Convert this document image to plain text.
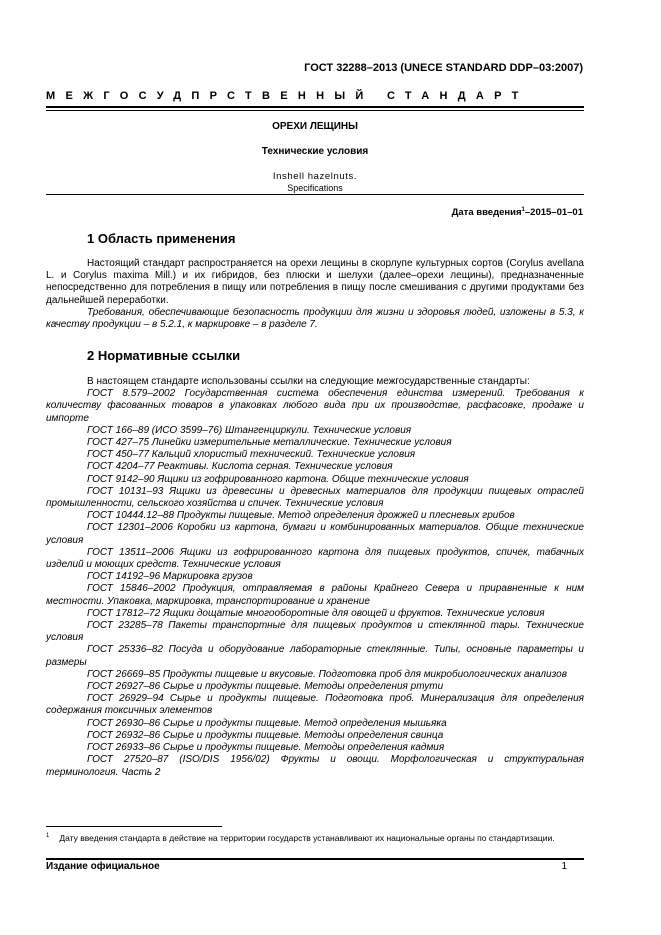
ГОСТ 32288–2013 (UNECE STANDARD DDP–03:2007)
МЕЖГОСУДПРСТВЕННЫЙ СТАНДАРТ
ОРЕХИ ЛЕЩИНЫ
Технические условия
Inshell hazelnuts.
Specifications
Дата введения$^1$–2015–01–01
1 Область применения

Настоящий стандарт распространяется на орехи лещины в скорлупе культурных сортов (Corylus avellana L. и Corylus maxima Mill.) и их гибридов, без плюски и шелухи (далее–орехи лещины), предназначенные непосредственно для потребления в пищу или потребления в пищу после смешивания с другими продуктами без дальнейшей переработки.

Требования, обеспечивающие безопасность продукции для жизни и здоровья людей, изложены в 5.3, к качеству продукции – в 5.2.1, к маркировке – в разделе 7.

2 Нормативные ссылки

В настоящем стандарте использованы ссылки на следующие межгосударственные стандарты:

ГОСТ 8.579–2002 Государственная система обеспечения единства измерений. Требования к количеству фасованных товаров в упаковках любого вида при их производстве, расфасовке, продаже и импорте

ГОСТ 166–89 (ИСО 3599–76) Штангенциркули. Технические условия

ГОСТ 427–75 Линейки измерительные металлические. Технические условия

ГОСТ 450–77 Кальций хлористый технический. Технические условия

ГОСТ 4204–77 Реактивы. Кислота серная. Технические условия

ГОСТ 9142–90 Ящики из гофрированного картона. Общие технические условия

ГОСТ 10131–93 Ящики из древесины и древесных материалов для продукции пищевых отраслей промышленности, сельского хозяйства и спичек. Технические условия

ГОСТ 10444.12–88 Продукты пищевые. Метод определения дрожжей и плесневых грибов

ГОСТ 12301–2006 Коробки из картона, бумаги и комбинированных материалов. Общие технические условия

ГОСТ 13511–2006 Ящики из гофрированного картона для пищевых продуктов, спичек, табачных изделий и моющих средств. Технические условия

ГОСТ 14192–96 Маркировка грузов

ГОСТ 15846–2002 Продукция, отправляемая в районы Крайнего Севера и приравненные к ним местности. Упаковка, маркировка, транспортирование и хранение

ГОСТ 17812–72 Ящики дощатые многооборотные для овощей и фруктов. Технические условия

ГОСТ 23285–78 Пакеты транспортные для пищевых продуктов и стеклянной тары. Технические условия

ГОСТ 25336–82 Посуда и оборудование лабораторные стеклянные. Типы, основные параметры и размеры

ГОСТ 26669–85 Продукты пищевые и вкусовые. Подготовка проб для микробиологических анализов

ГОСТ 26927–86 Сырье и продукты пищевые. Методы определения ртути

ГОСТ 26929–94 Сырье и продукты пищевые. Подготовка проб. Минерализация для определения содержания токсичных элементов

ГОСТ 26930–86 Сырье и продукты пищевые. Метод определения мышьяка

ГОСТ 26932–86 Сырье и продукты пищевые. Методы определения свинца

ГОСТ 26933–86 Сырье и продукты пищевые. Методы определения кадмия

ГОСТ 27520–87 (ISO/DIS 1956/02) Фрукты и овощи. Морфологическая и структуральная терминология. Часть 2

$^1$ Дату введения стандарта в действие на территории государств устанавливают их национальные органы по стандартизации.
Издание официальное	1
